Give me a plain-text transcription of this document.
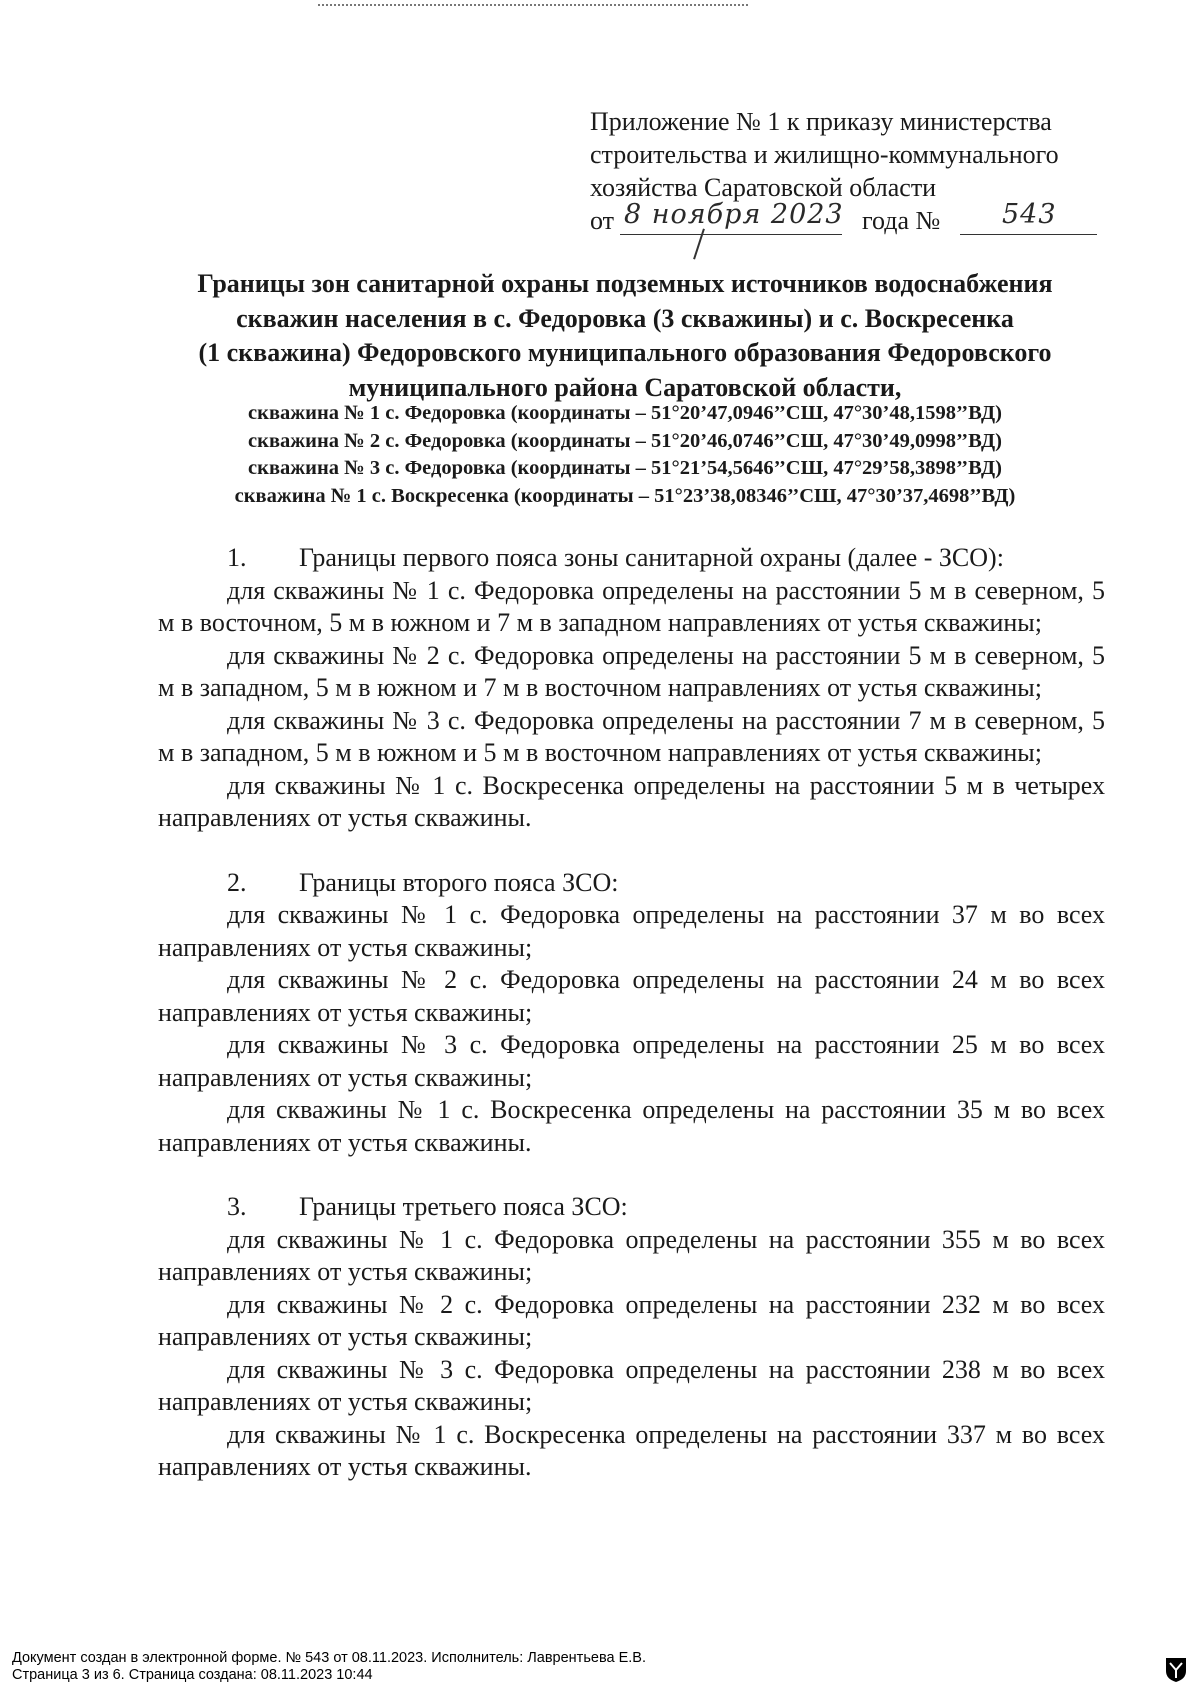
Приложение № 1 к приказу министерства
строительства и жилищно-коммунального
хозяйства Саратовской области
от 8 ноября 2023 года № 543
Границы зон санитарной охраны подземных источников водоснабжения
скважин населения в с. Федоровка (3 скважины) и с. Воскресенка
(1 скважина) Федоровского муниципального образования Федоровского
муниципального района Саратовской области,
скважина № 1 с. Федоровка (координаты – 51°20’47,0946’’СШ, 47°30’48,1598’’ВД)
скважина № 2 с. Федоровка (координаты – 51°20’46,0746’’СШ, 47°30’49,0998’’ВД)
скважина № 3 с. Федоровка (координаты – 51°21’54,5646’’СШ, 47°29’58,3898’’ВД)
скважина № 1 с. Воскресенка (координаты – 51°23’38,08346’’СШ, 47°30’37,4698’’ВД)
1. Границы первого пояса зоны санитарной охраны (далее - ЗСО):
для скважины № 1 с. Федоровка определены на расстоянии 5 м в северном, 5 м в восточном, 5 м в южном и 7 м в западном направлениях от устья скважины;
для скважины № 2 с. Федоровка определены на расстоянии 5 м в северном, 5 м в западном, 5 м в южном и 7 м в восточном направлениях от устья скважины;
для скважины № 3 с. Федоровка определены на расстоянии 7 м в северном, 5 м в западном, 5 м в южном и 5 м в восточном направлениях от устья скважины;
для скважины № 1 с. Воскресенка определены на расстоянии 5 м в четырех направлениях от устья скважины.
2. Границы второго пояса ЗСО:
для скважины № 1 с. Федоровка определены на расстоянии 37 м во всех направлениях от устья скважины;
для скважины № 2 с. Федоровка определены на расстоянии 24 м во всех направлениях от устья скважины;
для скважины № 3 с. Федоровка определены на расстоянии 25 м во всех направлениях от устья скважины;
для скважины № 1 с. Воскресенка определены на расстоянии 35 м во всех направлениях от устья скважины.
3. Границы третьего пояса ЗСО:
для скважины № 1 с. Федоровка определены на расстоянии 355 м во всех направлениях от устья скважины;
для скважины № 2 с. Федоровка определены на расстоянии 232 м во всех направлениях от устья скважины;
для скважины № 3 с. Федоровка определены на расстоянии 238 м во всех направлениях от устья скважины;
для скважины № 1 с. Воскресенка определены на расстоянии 337 м во всех направлениях от устья скважины.
Документ создан в электронной форме. № 543 от 08.11.2023. Исполнитель: Лаврентьева Е.В.
Страница 3 из 6. Страница создана: 08.11.2023 10:44
